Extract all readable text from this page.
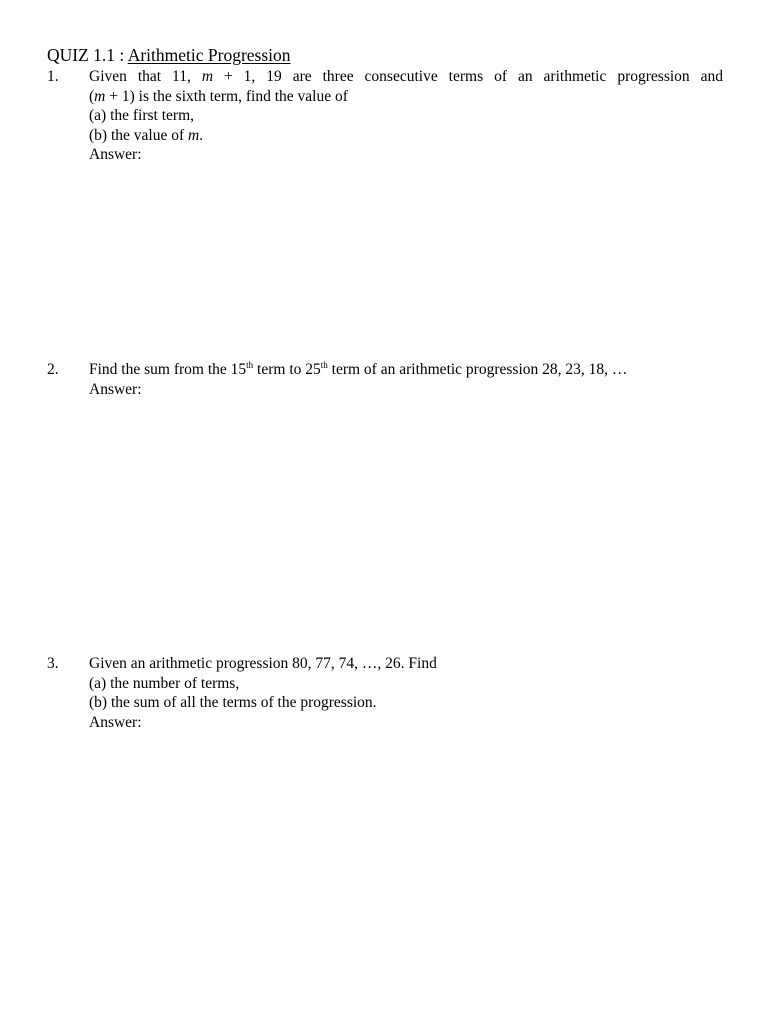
QUIZ 1.1 : Arithmetic Progression
1. Given that 11, m + 1, 19 are three consecutive terms of an arithmetic progression and
(m + 1) is the sixth term, find the value of
(a) the first term,
(b) the value of m.
Answer:
2. Find the sum from the 15th term to 25th term of an arithmetic progression 28, 23, 18, …
Answer:
3. Given an arithmetic progression 80, 77, 74, …, 26. Find
(a) the number of terms,
(b) the sum of all the terms of the progression.
Answer:
